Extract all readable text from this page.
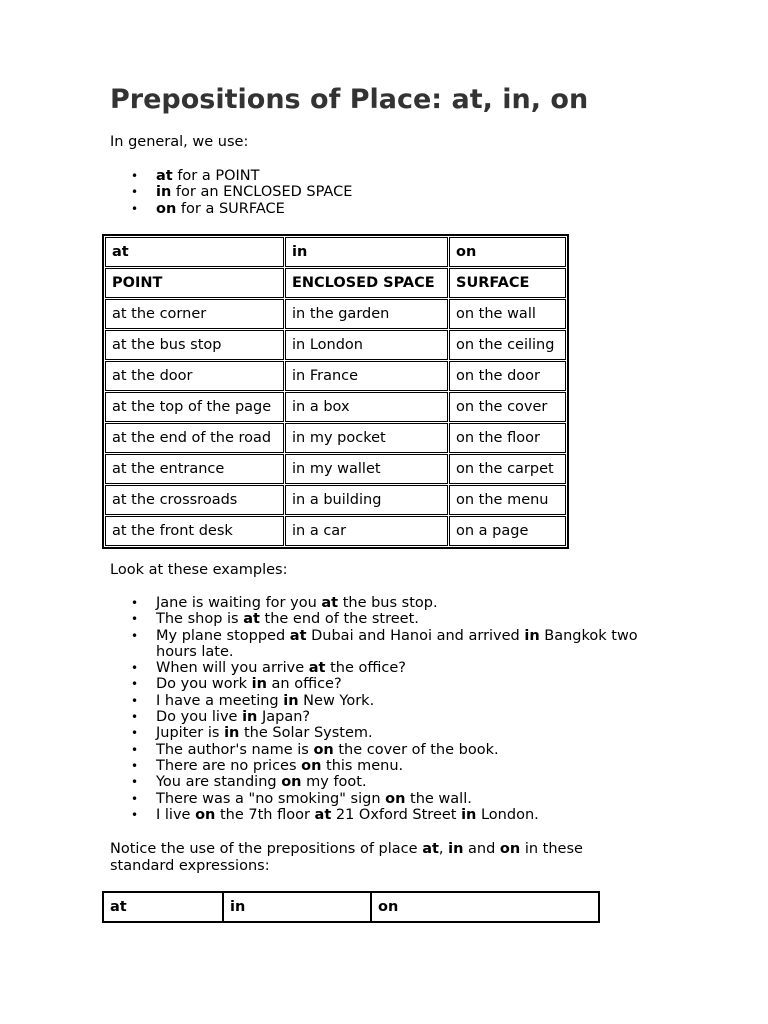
Prepositions of Place: at, in, on

In general, we use:

• at for a POINT
• in for an ENCLOSED SPACE
• on for a SURFACE
at	in	on
POINT	ENCLOSED SPACE	SURFACE
at the corner	in the garden	on the wall
at the bus stop	in London	on the ceiling
at the door	in France	on the door
at the top of the page	in a box	on the cover
at the end of the road	in my pocket	on the floor
at the entrance	in my wallet	on the carpet
at the crossroads	in a building	on the menu
at the front desk	in a car	on a page

Look at these examples:

• Jane is waiting for you at the bus stop.
• The shop is at the end of the street.
• My plane stopped at Dubai and Hanoi and arrived in Bangkok two hours late.
• When will you arrive at the office?
• Do you work in an office?
• I have a meeting in New York.
• Do you live in Japan?
• Jupiter is in the Solar System.
• The author's name is on the cover of the book.
• There are no prices on this menu.
• You are standing on my foot.
• There was a "no smoking" sign on the wall.
• I live on the 7th floor at 21 Oxford Street in London.

Notice the use of the prepositions of place at, in and on in these standard expressions:

at	in	on
